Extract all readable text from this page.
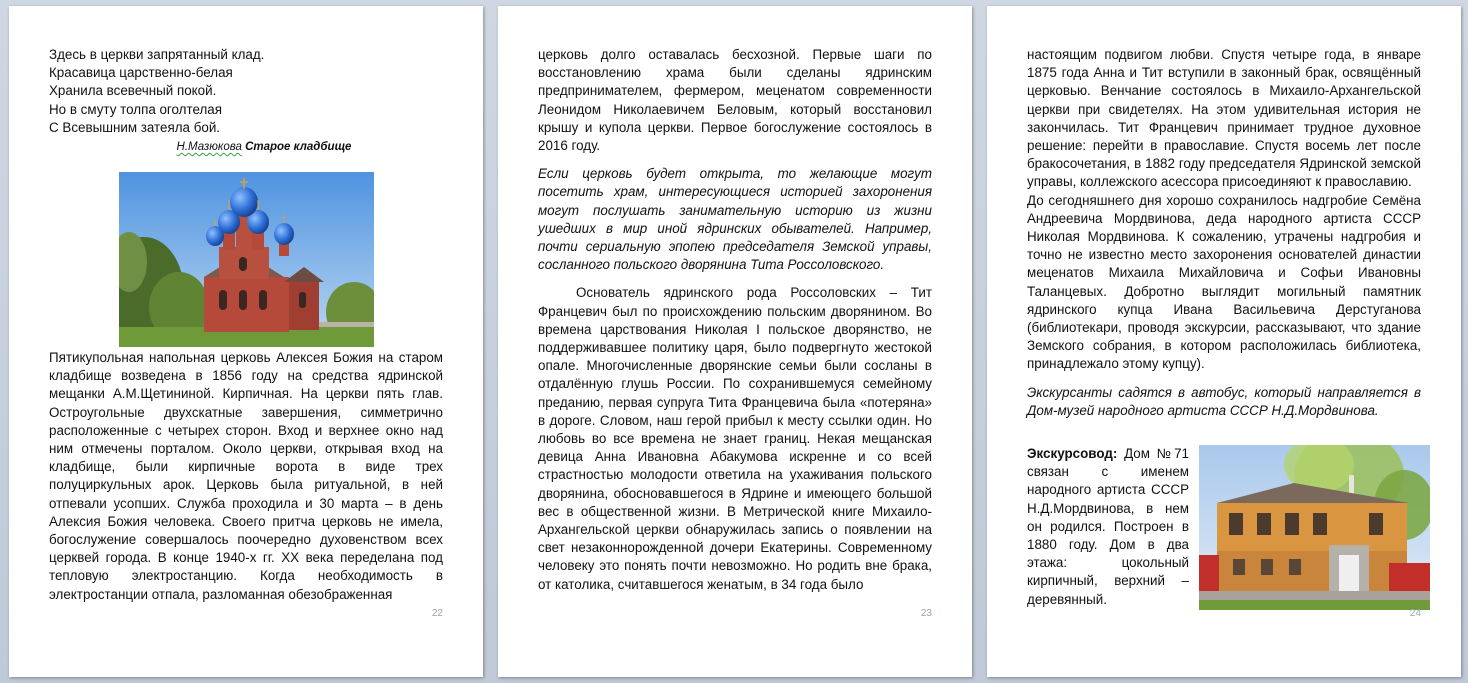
Здесь в церкви запрятанный клад.
Красавица царственно-белая
Хранила всевечный покой.
Но в смуту толпа оголтелая
С Всевышним затеяла бой.
Н.Мазюкова Старое кладбище

Пятикупольная напольная церковь Алексея Божия на старом кладбище возведена в 1856 году на средства ядринской мещанки А.М.Щетининой. Кирпичная. На церкви пять глав. Остроугольные двухскатные завершения, симметрично расположенные с четырех сторон. Вход и верхнее окно над ним отмечены порталом. Около церкви, открывая вход на кладбище, были кирпичные ворота в виде трех полуциркульных арок. Церковь была ритуальной, в ней отпевали усопших. Служба проходила и 30 марта – в день Алексия Божия человека. Своего притча церковь не имела, богослужение совершалось поочередно духовенством всех церквей города. В конце 1940-х гг. XX века переделана под тепловую электростанцию. Когда необходимость в электростанции отпала, разломанная обезображенная

22

церковь долго оставалась бесхозной. Первые шаги по восстановлению храма были сделаны ядринским предпринимателем, фермером, меценатом современности Леонидом Николаевичем Беловым, который восстановил крышу и купола церкви. Первое богослужение состоялось в 2016 году.

Если церковь будет открыта, то желающие могут посетить храм, интересующиеся историей захоронения могут послушать занимательную историю из жизни ушедших в мир иной ядринских обывателей. Например, почти сериальную эпопею председателя Земской управы, сосланного польского дворянина Тита Россоловского.

Основатель ядринского рода Россоловских – Тит Францевич был по происхождению польским дворянином. Во времена царствования Николая I польское дворянство, не поддерживавшее политику царя, было подвергнуто жестокой опале. Многочисленные дворянские семьи были сосланы в отдалённую глушь России. По сохранившемуся семейному преданию, первая супруга Тита Францевича была «потеряна» в дороге. Словом, наш герой прибыл к месту ссылки один. Но любовь во все времена не знает границ. Некая мещанская девица Анна Ивановна Абакумова искренне и со всей страстностью молодости ответила на ухаживания польского дворянина, обосновавшегося в Ядрине и имеющего большой вес в общественной жизни. В Метрической книге Михаило-Архангельской церкви обнаружилась запись о появлении на свет незаконнорожденной дочери Екатерины. Современному человеку это понять почти невозможно. Но родить вне брака, от католика, считавшегося женатым, в 34 года было

23

настоящим подвигом любви. Спустя четыре года, в январе 1875 года Анна и Тит вступили в законный брак, освящённый церковью. Венчание состоялось в Михаило-Архангельской церкви при свидетелях. На этом удивительная история не закончилась. Тит Францевич принимает трудное духовное решение: перейти в православие. Спустя восемь лет после бракосочетания, в 1882 году председателя Ядринской земской управы, коллежского асессора присоединяют к православию.

До сегодняшнего дня хорошо сохранилось надгробие Семёна Андреевича Мордвинова, деда народного артиста СССР Николая Мордвинова. К сожалению, утрачены надгробия и точно не известно место захоронения основателей династии меценатов Михаила Михайловича и Софьи Ивановны Таланцевых. Добротно выглядит могильный памятник ядринского купца Ивана Васильевича Дерстуганова (библиотекари, проводя экскурсии, рассказывают, что здание Земского собрания, в котором расположилась библиотека, принадлежало этому купцу).

Экскурсанты садятся в автобус, который направляется в Дом-музей народного артиста СССР Н.Д.Мордвинова.

Экскурсовод: Дом №71 связан с именем народного артиста СССР Н.Д.Мордвинова, в нем он родился. Построен в 1880 году. Дом в два этажа: цокольный кирпичный, верхний – деревянный.

24
